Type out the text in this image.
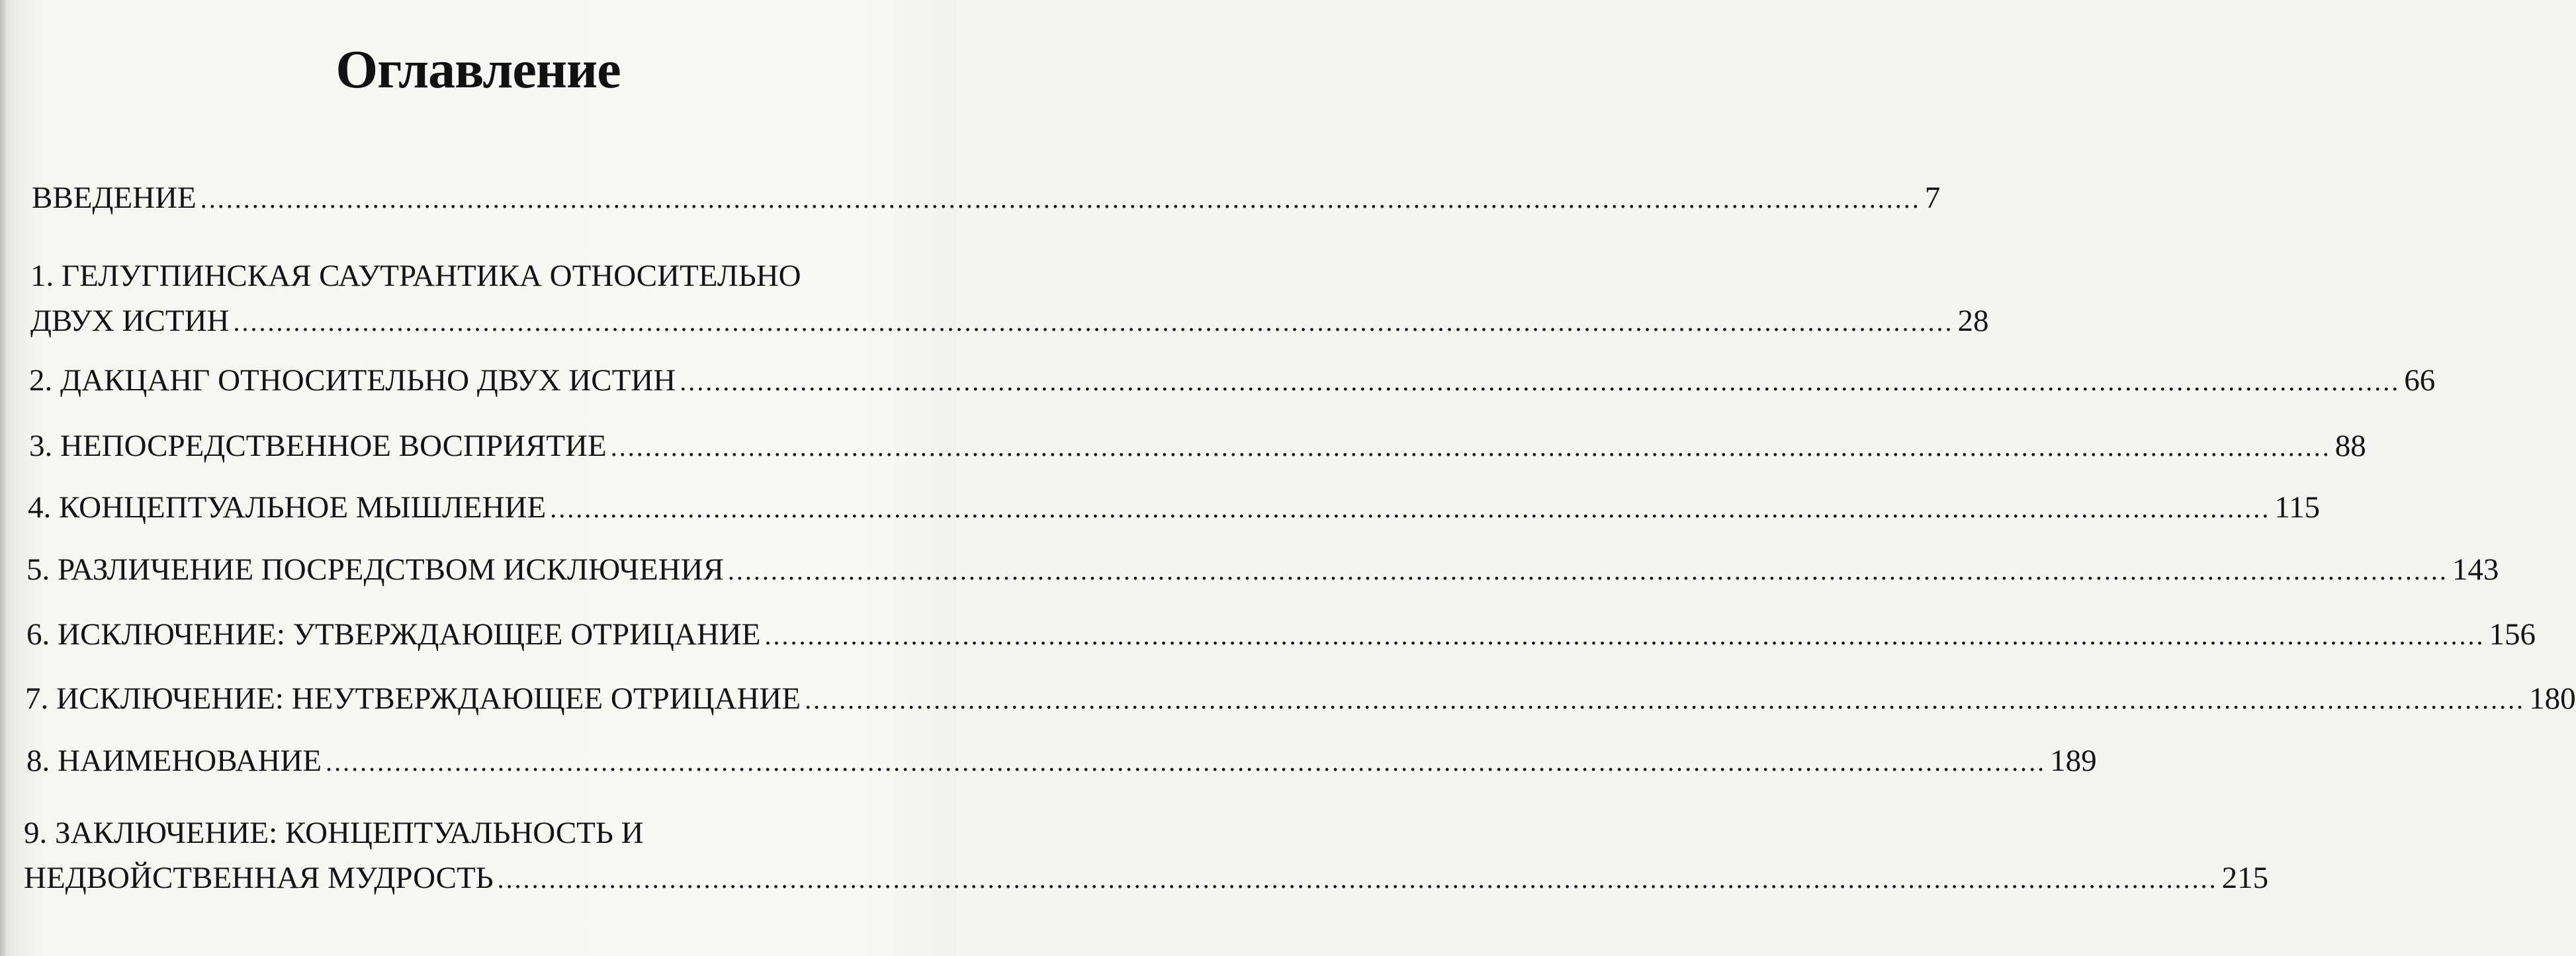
Оглавление
ВВЕДЕНИЕ ........................................................................................................................................................................................................ 7
1. ГЕЛУГПИНСКАЯ САУТРАНТИКА ОТНОСИТЕЛЬНО
ДВУХ ИСТИН ........................................................................................................................................................................................................ 28
2. ДАКЦАНГ ОТНОСИТЕЛЬНО ДВУХ ИСТИН ........................................................................................................................................................................................................ 66
3. НЕПОСРЕДСТВЕННОЕ ВОСПРИЯТИЕ ........................................................................................................................................................................................................ 88
4. КОНЦЕПТУАЛЬНОЕ МЫШЛЕНИЕ ........................................................................................................................................................................................................ 115
5. РАЗЛИЧЕНИЕ ПОСРЕДСТВОМ ИСКЛЮЧЕНИЯ ........................................................................................................................................................................................................ 143
6. ИСКЛЮЧЕНИЕ: УТВЕРЖДАЮЩЕЕ ОТРИЦАНИЕ ........................................................................................................................................................................................................ 156
7. ИСКЛЮЧЕНИЕ: НЕУТВЕРЖДАЮЩЕЕ ОТРИЦАНИЕ ........................................................................................................................................................................................................ 180
8. НАИМЕНОВАНИЕ ........................................................................................................................................................................................................ 189
9. ЗАКЛЮЧЕНИЕ: КОНЦЕПТУАЛЬНОСТЬ И
НЕДВОЙСТВЕННАЯ МУДРОСТЬ ........................................................................................................................................................................................................ 215
